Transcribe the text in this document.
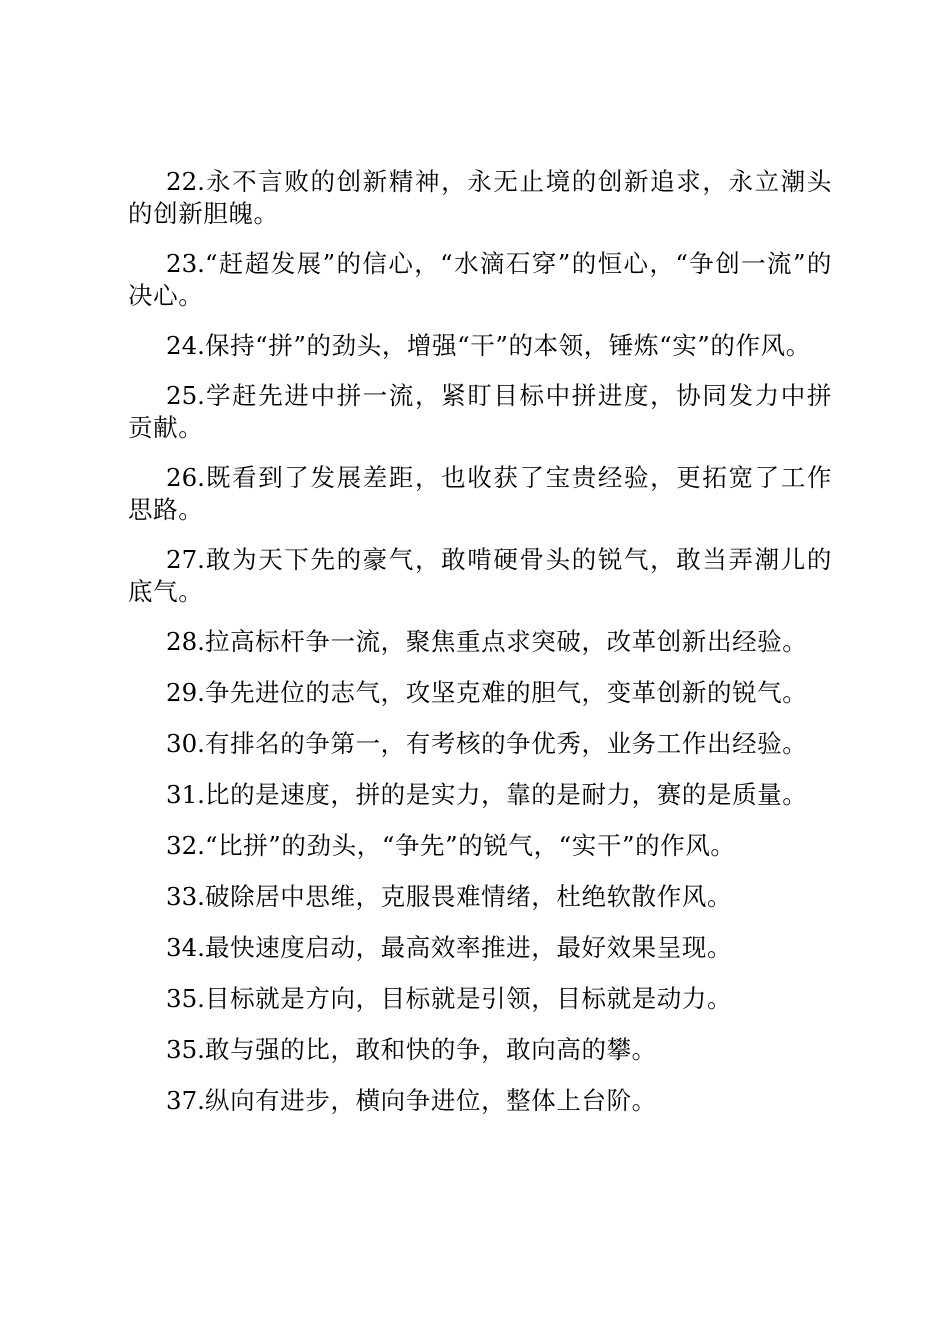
22.永不言败的创新精神，永无止境的创新追求，永立潮头的创新胆魄。

23.“赶超发展”的信心，“水滴石穿”的恒心，“争创一流”的决心。

24.保持“拼”的劲头，增强“干”的本领，锤炼“实”的作风。

25.学赶先进中拼一流，紧盯目标中拼进度，协同发力中拼贡献。

26.既看到了发展差距，也收获了宝贵经验，更拓宽了工作思路。

27.敢为天下先的豪气，敢啃硬骨头的锐气，敢当弄潮儿的底气。

28.拉高标杆争一流，聚焦重点求突破，改革创新出经验。

29.争先进位的志气，攻坚克难的胆气，变革创新的锐气。

30.有排名的争第一，有考核的争优秀，业务工作出经验。

31.比的是速度，拼的是实力，靠的是耐力，赛的是质量。

32.“比拼”的劲头，“争先”的锐气，“实干”的作风。

33.破除居中思维，克服畏难情绪，杜绝软散作风。

34.最快速度启动，最高效率推进，最好效果呈现。

35.目标就是方向，目标就是引领，目标就是动力。

35.敢与强的比，敢和快的争，敢向高的攀。

37.纵向有进步，横向争进位，整体上台阶。
